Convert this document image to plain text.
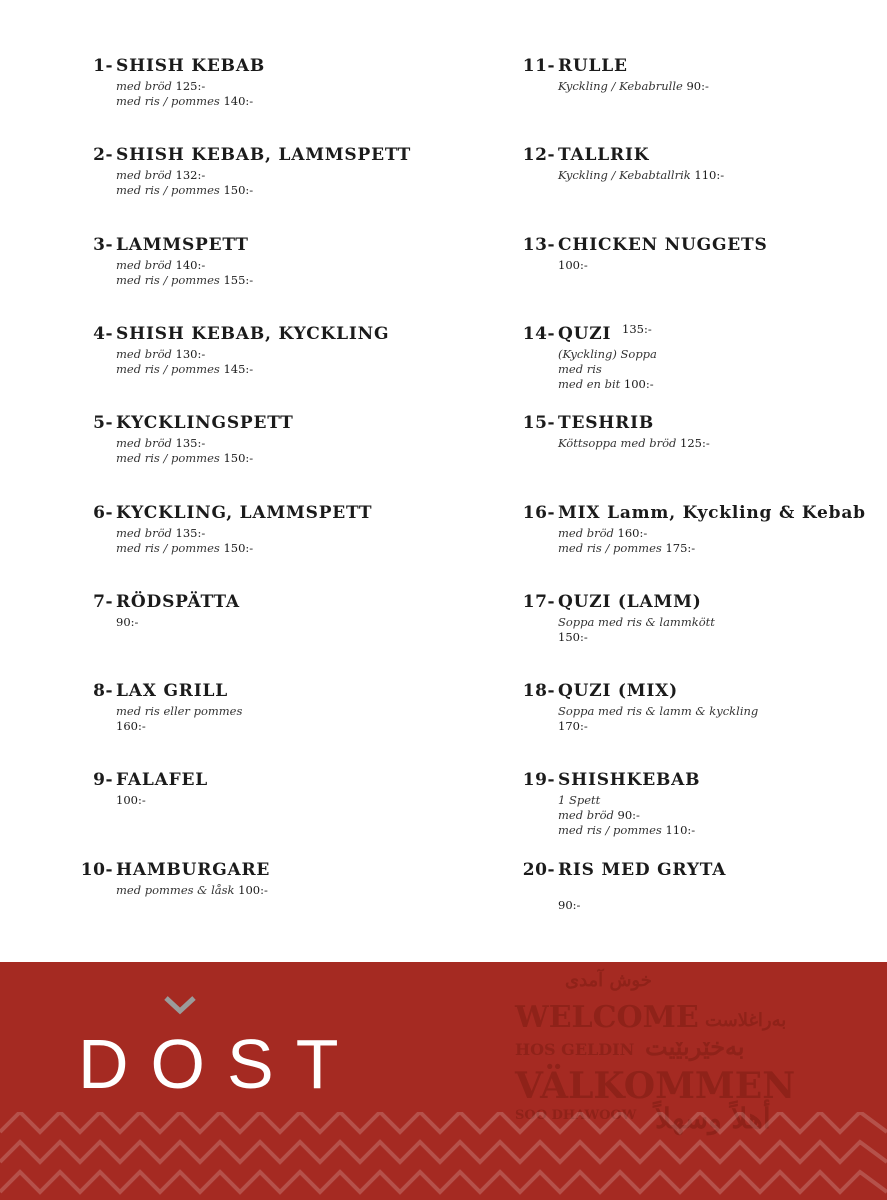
1- SHISH KEBAB
med bröd 125:-
med ris / pommes 140:-
2- SHISH KEBAB, LAMMSPETT
med bröd 132:-
med ris / pommes 150:-
3- LAMMSPETT
med bröd 140:-
med ris / pommes 155:-
4- SHISH KEBAB, KYCKLING
med bröd 130:-
med ris / pommes 145:-
5- KYCKLINGSPETT
med bröd 135:-
med ris / pommes 150:-
6- KYCKLING, LAMMSPETT
med bröd 135:-
med ris / pommes 150:-
7- RÖDSPÄTTA
90:-
8- LAX GRILL
med ris eller pommes
160:-
9- FALAFEL
100:-
10- HAMBURGARE
med pommes & låsk 100:-
11- RULLE
Kyckling / Kebabrulle 90:-
12- TALLRIK
Kyckling / Kebabtallrik 110:-
13- CHICKEN NUGGETS
100:-
14- QUZI 135:-
(Kyckling) Soppa
med ris
med en bit 100:-
15- TESHRIB
Köttsoppa med bröd 125:-
16- MIX Lamm, Kyckling & Kebab
med bröd 160:-
med ris / pommes 175:-
17- QUZI (LAMM)
Soppa med ris & lammkött
150:-
18- QUZI (MIX)
Soppa med ris & lamm & kyckling
170:-
19- SHISHKEBAB
1 Spett
med bröd 90:-
med ris / pommes 110:-
20- RIS MED GRYTA
90:-
DOST
خوش آمدی
WELCOME بەراغلاست
HOS GELDIN بەخێربێیت
VÄLKOMMEN
SOO DHAWOOW أهلاً وسهلاً
